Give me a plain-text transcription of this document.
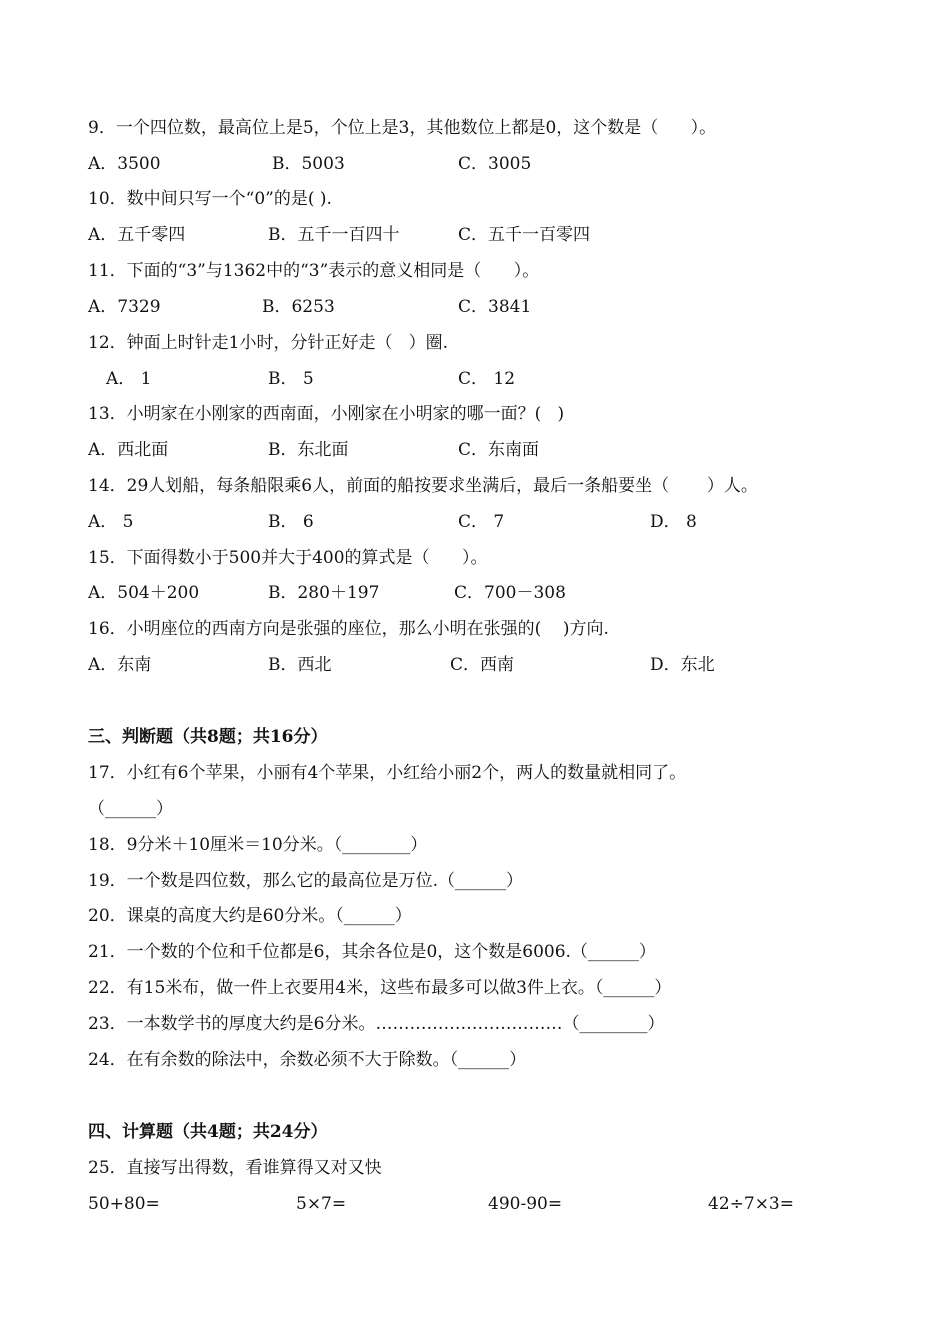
9．一个四位数，最高位上是5，个位上是3，其他数位上都是0，这个数是（      ）。
A．3500	B．5003	C．3005
10．数中间只写一个“0”的是( ).
A．五千零四	B．五千一百四十	C．五千一百零四
11．下面的“3”与1362中的“3”表示的意义相同是（      ）。
A．7329	B．6253	C．3841
12．钟面上时针走1小时，分针正好走（   ）圈.
A． 1	B． 5	C． 12
13．小明家在小刚家的西南面，小刚家在小明家的哪一面？(   )
A．西北面	B．东北面	C．东南面
14．29人划船，每条船限乘6人，前面的船按要求坐满后，最后一条船要坐（       ）人。
A． 5	B． 6	C． 7	D． 8
15．下面得数小于500并大于400的算式是（      ）。
A．504＋200	B．280＋197	C．700－308
16．小明座位的西南方向是张强的座位，那么小明在张强的(    )方向.
A．东南	B．西北	C．西南	D．东北
三、判断题（共8题；共16分）
17．小红有6个苹果，小丽有4个苹果，小红给小丽2个，两人的数量就相同了。
（______）
18．9分米＋10厘米＝10分米。（________）
19．一个数是四位数，那么它的最高位是万位.（______）
20．课桌的高度大约是60分米。（______）
21．一个数的个位和千位都是6，其余各位是0，这个数是6006.（______）
22．有15米布，做一件上衣要用4米，这些布最多可以做3件上衣。（______）
23．一本数学书的厚度大约是6分米。……………………………（________）
24．在有余数的除法中，余数必须不大于除数。（______）
四、计算题（共4题；共24分）
25．直接写出得数，看谁算得又对又快
50+80=	5×7=	490-90=	42÷7×3=
